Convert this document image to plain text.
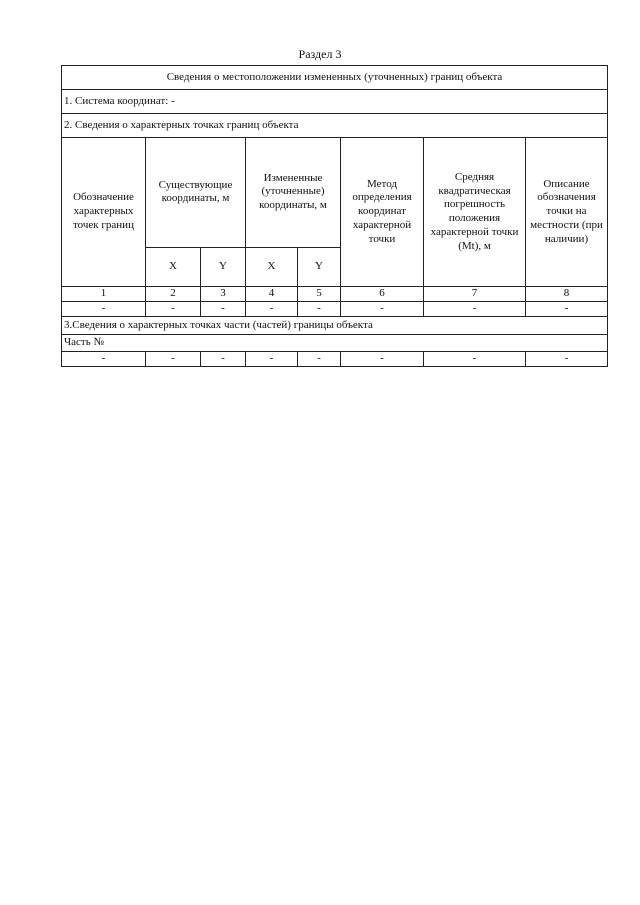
Раздел 3
Сведения о местоположении измененных (уточненных) границ объекта							
1. Система координат: -							
2. Сведения о характерных точках границ объекта							
Обозначение характерных точек границ	Существующие координаты, м		Измененные (уточненные) координаты, м		Метод определения координат характерной точки	Средняя квадратическая погрешность положения характерной точки (Mt), м	Описание обозначения точки на местности (при наличии)
	X	Y	X	Y			
1	2	3	4	5	6	7	8
-	-	-	-	-	-	-	-
3.Сведения о характерных точках части (частей) границы объекта							
Часть №							
-	-	-	-	-	-	-	-
